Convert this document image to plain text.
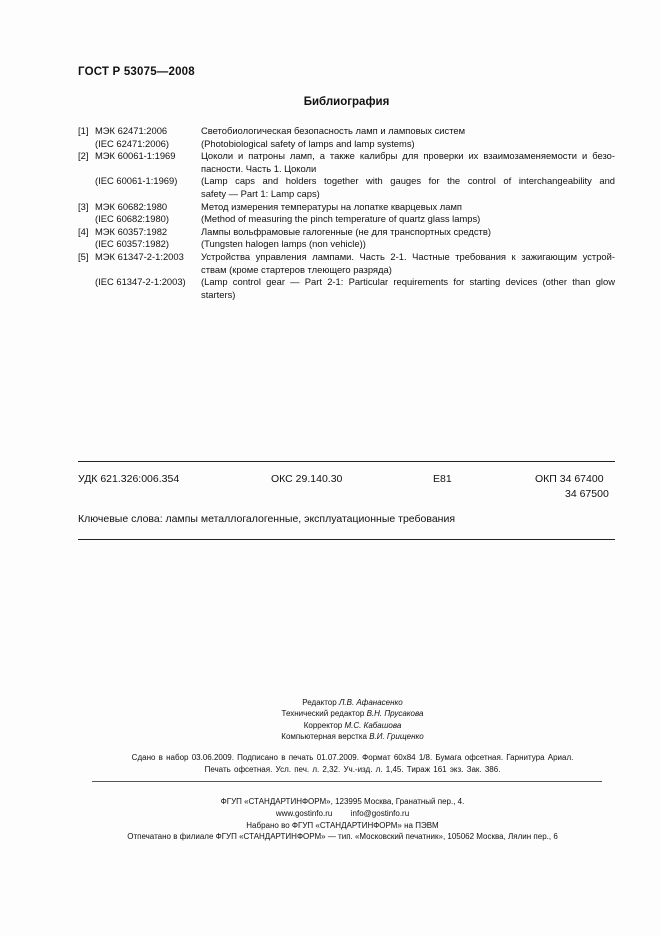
ГОСТ Р 53075—2008
Библиография
[1] МЭК 62471:2006	Светобиологическая безопасность ламп и ламповых систем
(IEC 62471:2006)	(Photobiological safety of lamps and lamp systems)
[2] МЭК 60061-1:1969	Цоколи и патроны ламп, а также калибры для проверки их взаимозаменяемости и безо-
пасности. Часть 1. Цоколи
(IEC 60061-1:1969)	(Lamp caps and holders together with gauges for the control of interchangeability and
safety — Part 1: Lamp caps)
[3] МЭК 60682:1980	Метод измерения температуры на лопатке кварцевых ламп
(IEC 60682:1980)	(Method of measuring the pinch temperature of quartz glass lamps)
[4] МЭК 60357:1982	Лампы вольфрамовые галогенные (не для транспортных средств)
(IEC 60357:1982)	(Tungsten halogen lamps (non vehicle))
[5] МЭК 61347-2-1:2003	Устройства управления лампами. Часть 2-1. Частные требования к зажигающим устрой-
ствам (кроме стартеров тлеющего разряда)
(IEC 61347-2-1:2003)	(Lamp control gear — Part 2-1: Particular requirements for starting devices (other than glow
starters)
УДК 621.326:006.354	ОКС 29.140.30	Е81	ОКП 34 67400
34 67500
Ключевые слова: лампы металлогалогенные, эксплуатационные требования
Редактор Л.В. Афанасенко
Технический редактор В.Н. Прусакова
Корректор М.С. Кабашова
Компьютерная верстка В.И. Грищенко
Сдано в набор 03.06.2009. Подписано в печать 01.07.2009. Формат 60x84 1/8. Бумага офсетная. Гарнитура Ариал.
Печать офсетная. Усл. печ. л. 2,32. Уч.-изд. л. 1,45. Тираж 161 экз. Зак. 386.
ФГУП «СТАНДАРТИНФОРМ», 123995 Москва, Гранатный пер., 4.
www.gostinfo.ru info@gostinfo.ru
Набрано во ФГУП «СТАНДАРТИНФОРМ» на ПЭВМ
Отпечатано в филиале ФГУП «СТАНДАРТИНФОРМ» — тип. «Московский печатник», 105062 Москва, Лялин пер., 6
